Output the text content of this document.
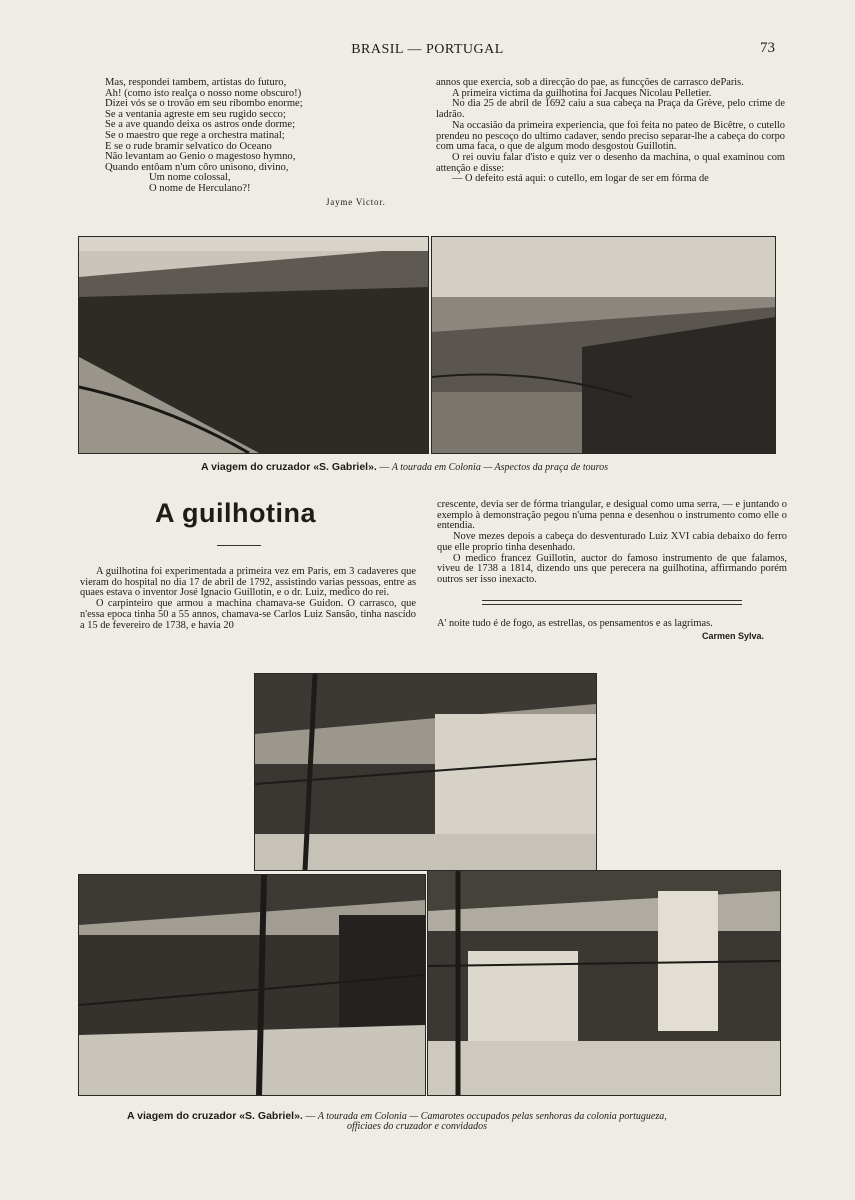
BRASIL — PORTUGAL	73
Mas, respondei tambem, artistas do futuro,
Ah! (como isto realça o nosso nome obscuro!)
Dizei vós se o trovão em seu ribombo enorme;
Se a ventania agreste em seu rugido secco;
Se a ave quando deixa os astros onde dorme;
Se o maestro que rege a orchestra matinal;
E se o rude bramir selvatico do Oceano
Não levantam ao Genio o magestoso hymno,
Quando entôam n'um côro unisono, divino,
Um nome colossal,
O nome de Herculano?!
Jayme Victor.

annos que exercia, sob a direcção do pae, as funcções de carrasco deParis.

A primeira victima da guilhotina foi Jacques Nicolau Pelletier.

No dia 25 de abril de 1692 caiu a sua cabeça na Praça da Grève, pelo crime de ladrão.

Na occasião da primeira experiencia, que foi feita no pateo de Bicêtre, o cutello prendeu no pescoço do ultimo cadaver, sendo preciso separar-lhe a cabeça do corpo com uma faca, o que de algum modo desgostou Guillotin.

O rei ouviu falar d'isto e quiz ver o desenho da machina, o qual examinou com attenção e disse:

— O defeito está aqui: o cutello, em logar de ser em fórma de

A viagem do cruzador «S. Gabriel». — A tourada em Colonia — Aspectos da praça de touros
A guilhotina

A guilhotina foi experimentada a primeira vez em Paris, em 3 cadaveres que vieram do hospital no dia 17 de abril de 1792, assistindo varias pessoas, entre as quaes estava o inventor José Ignacio Guillotin, e o dr. Luiz, medico do rei.

O carpinteiro que armou a machina chamava-se Guidon. O carrasco, que n'essa epoca tinha 50 a 55 annos, chamava-se Carlos Luiz Sansão, tinha nascido a 15 de fevereiro de 1738, e havia 20

crescente, devia ser de fórma triangular, e desigual como uma serra, — e juntando o exemplo à demonstração pegou n'uma penna e desenhou o instrumento como elle o entendia.

Nove mezes depois a cabeça do desventurado Luiz XVI cabia debaixo do ferro que elle proprio tinha desenhado.

O medico francez Guillotin, auctor do famoso instrumento de que falamos, viveu de 1738 a 1814, dizendo uns que perecera na guilhotina, affirmando porém outros ser isso inexacto.

A' noite tudo é de fogo, as estrellas, os pensamentos e as lagrimas.
Carmen Sylva.
A viagem do cruzador «S. Gabriel». — A tourada em Colonia — Camarotes occupados pelas senhoras da colonia portugueza,
officiaes do cruzador e convidados
